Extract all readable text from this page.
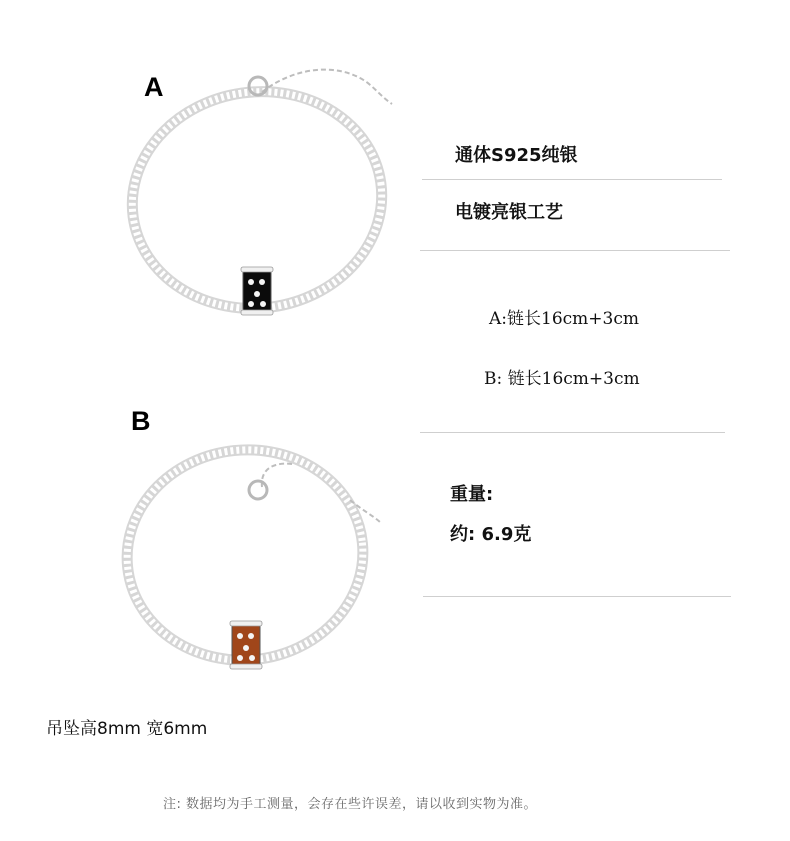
A
B
通体S925纯银
电镀亮银工艺
A:链长16cm+3cm
B: 链长16cm+3cm
重量:
约: 6.9克
吊坠高8mm 宽6mm
注: 数据均为手工测量，会存在些许误差，请以收到实物为准。
